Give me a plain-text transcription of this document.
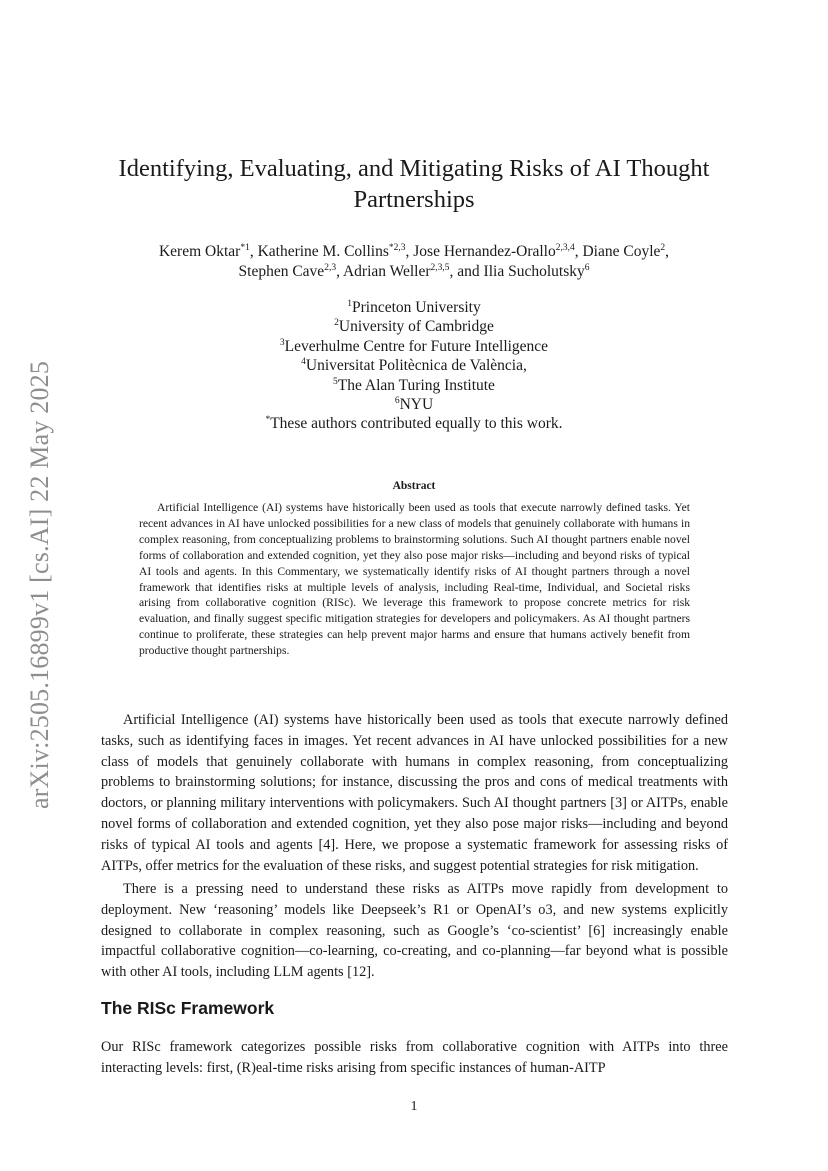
arXiv:2505.16899v1 [cs.AI] 22 May 2025
Identifying, Evaluating, and Mitigating Risks of AI Thought Partnerships

Kerem Oktar$^{*1}$, Katherine M. Collins$^{*2,3}$, Jose Hernandez-Orallo$^{2,3,4}$, Diane Coyle$^2$,
Stephen Cave$^{2,3}$, Adrian Weller$^{2,3,5}$, and Ilia Sucholutsky$^6$

$^1$Princeton University
$^2$University of Cambridge
$^3$Leverhulme Centre for Future Intelligence
$^4$Universitat Politècnica de València,
$^5$The Alan Turing Institute
$^6$NYU
*These authors contributed equally to this work.
Abstract

Artificial Intelligence (AI) systems have historically been used as tools that execute narrowly defined tasks. Yet recent advances in AI have unlocked possibilities for a new class of models that genuinely collaborate with humans in complex reasoning, from conceptualizing problems to brainstorming solutions. Such AI thought partners enable novel forms of collaboration and extended cognition, yet they also pose major risks—including and beyond risks of typical AI tools and agents. In this Commentary, we systematically identify risks of AI thought partners through a novel framework that identifies risks at multiple levels of analysis, including Real-time, Individual, and Societal risks arising from collaborative cognition (RISc). We leverage this framework to propose concrete metrics for risk evaluation, and finally suggest specific mitigation strategies for developers and policymakers. As AI thought partners continue to proliferate, these strategies can help prevent major harms and ensure that humans actively benefit from productive thought partnerships.

Artificial Intelligence (AI) systems have historically been used as tools that execute narrowly defined tasks, such as identifying faces in images. Yet recent advances in AI have unlocked possibilities for a new class of models that genuinely collaborate with humans in complex reasoning, from conceptualizing problems to brainstorming solutions; for instance, discussing the pros and cons of medical treatments with doctors, or planning military interventions with policymakers. Such AI thought partners [3] or AITPs, enable novel forms of collaboration and extended cognition, yet they also pose major risks—including and beyond risks of typical AI tools and agents [4]. Here, we propose a systematic framework for assessing risks of AITPs, offer metrics for the evaluation of these risks, and suggest potential strategies for risk mitigation.

There is a pressing need to understand these risks as AITPs move rapidly from development to deployment. New ‘reasoning’ models like Deepseek’s R1 or OpenAI’s o3, and new systems explicitly designed to collaborate in complex reasoning, such as Google’s ‘co-scientist’ [6] increasingly enable impactful collaborative cognition—co-learning, co-creating, and co-planning—far beyond what is possible with other AI tools, including LLM agents [12].

The RISc Framework

Our RISc framework categorizes possible risks from collaborative cognition with AITPs into three interacting levels: first, (R)eal-time risks arising from specific instances of human-AITP

1
